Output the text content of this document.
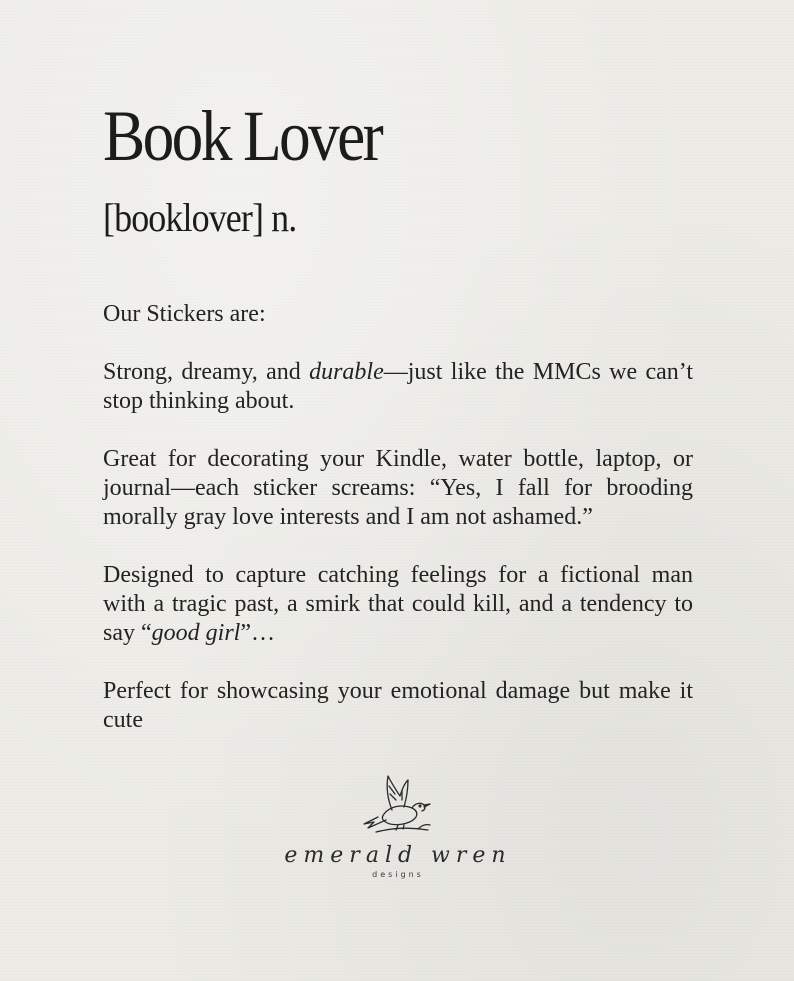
Book Lover
[booklover] n.

Our Stickers are:

Strong, dreamy, and durable—just like the MMCs we can’t stop thinking about.

Great for decorating your Kindle, water bottle, laptop, or journal—each sticker screams: “Yes, I fall for brooding morally gray love interests and I am not ashamed.”

Designed to capture catching feelings for a fictional man with a tragic past, a smirk that could kill, and a tendency to say “good girl”…

Perfect for showcasing your emotional damage but make it cute

emerald wren
designs
